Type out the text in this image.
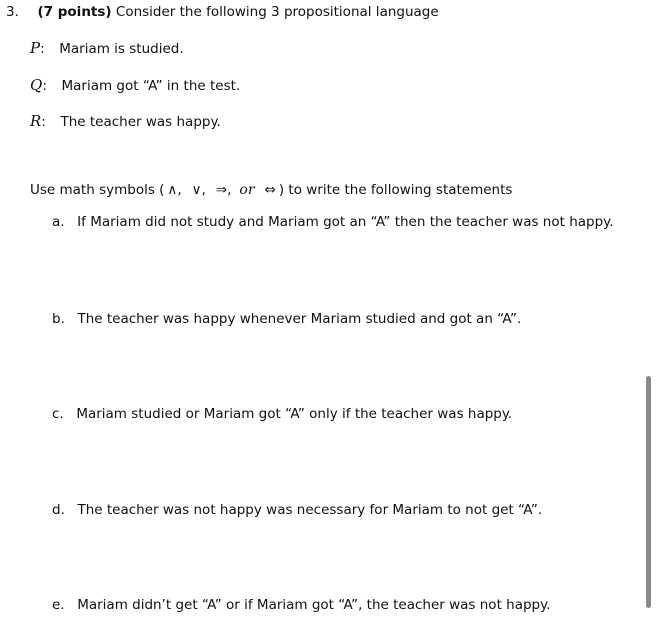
3. (7 points) Consider the following 3 propositional language
P: Mariam is studied.
Q: Mariam got “A” in the test.
R: The teacher was happy.
Use math symbols ( ∧, ∨, ⇒, or ⇔ ) to write the following statements
a. If Mariam did not study and Mariam got an “A” then the teacher was not happy.
b. The teacher was happy whenever Mariam studied and got an “A”.
c. Mariam studied or Mariam got “A” only if the teacher was happy.
d. The teacher was not happy was necessary for Mariam to not get “A”.
e. Mariam didn’t get “A” or if Mariam got “A”, the teacher was not happy.
